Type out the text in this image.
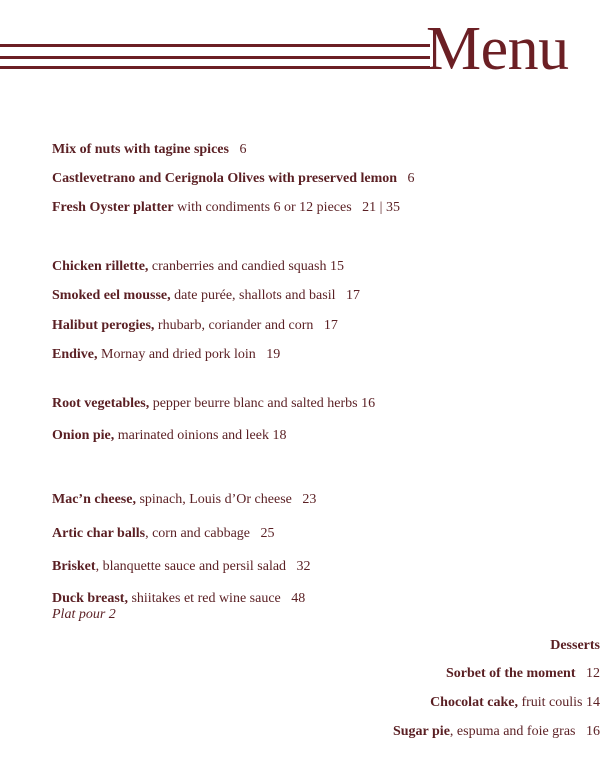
Menu
Mix of nuts with tagine spices 6
Castlevetrano and Cerignola Olives with preserved lemon 6
Fresh Oyster platter with condiments 6 or 12 pieces 21 | 35
Chicken rillette, cranberries and candied squash 15
Smoked eel mousse, date purée, shallots and basil 17
Halibut perogies, rhubarb, coriander and corn 17
Endive, Mornay and dried pork loin 19
Root vegetables, pepper beurre blanc and salted herbs 16
Onion pie, marinated oinions and leek 18
Mac’n cheese, spinach, Louis d’Or cheese 23
Artic char balls, corn and cabbage 25
Brisket, blanquette sauce and persil salad 32
Duck breast, shiitakes et red wine sauce 48
Plat pour 2
Desserts
Sorbet of the moment 12
Chocolat cake, fruit coulis 14
Sugar pie, espuma and foie gras 16
